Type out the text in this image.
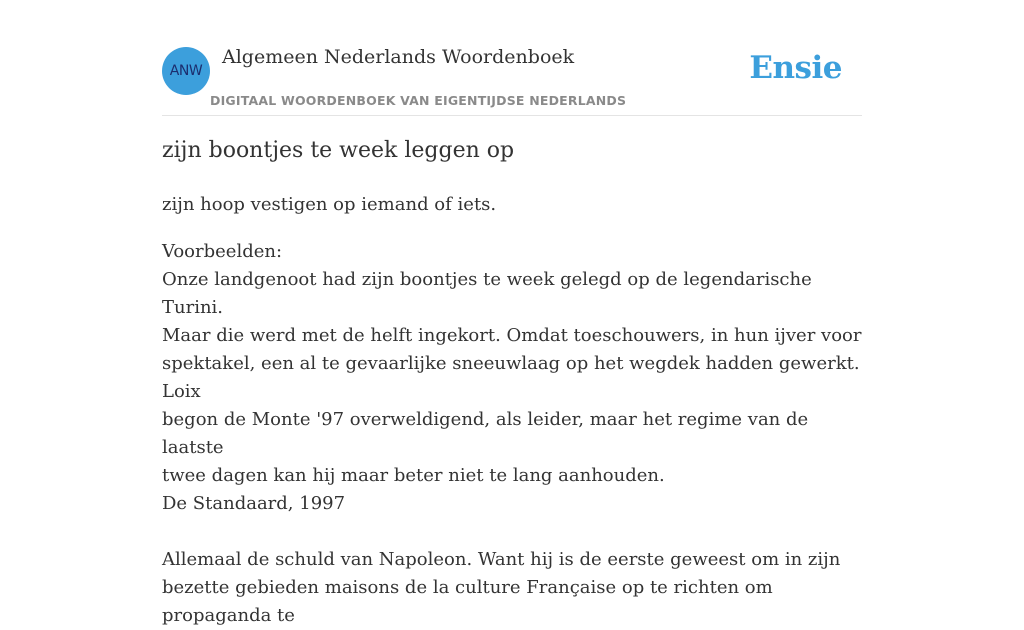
ANW
Algemeen Nederlands Woordenboek
DIGITAAL WOORDENBOEK VAN EIGENTIJDSE NEDERLANDS
Ensie
zijn boontjes te week leggen op
zijn hoop vestigen op iemand of iets.

Voorbeelden:

Onze landgenoot had zijn boontjes te week gelegd op de legendarische Turini.

Maar die werd met de helft ingekort. Omdat toeschouwers, in hun ijver voor

spektakel, een al te gevaarlijke sneeuwlaag op het wegdek hadden gewerkt. Loix

begon de Monte '97 overweldigend, als leider, maar het regime van de laatste

twee dagen kan hij maar beter niet te lang aanhouden.

De Standaard, 1997

Allemaal de schuld van Napoleon. Want hij is de eerste geweest om in zijn

bezette gebieden maisons de la culture Française op te richten om propaganda te
